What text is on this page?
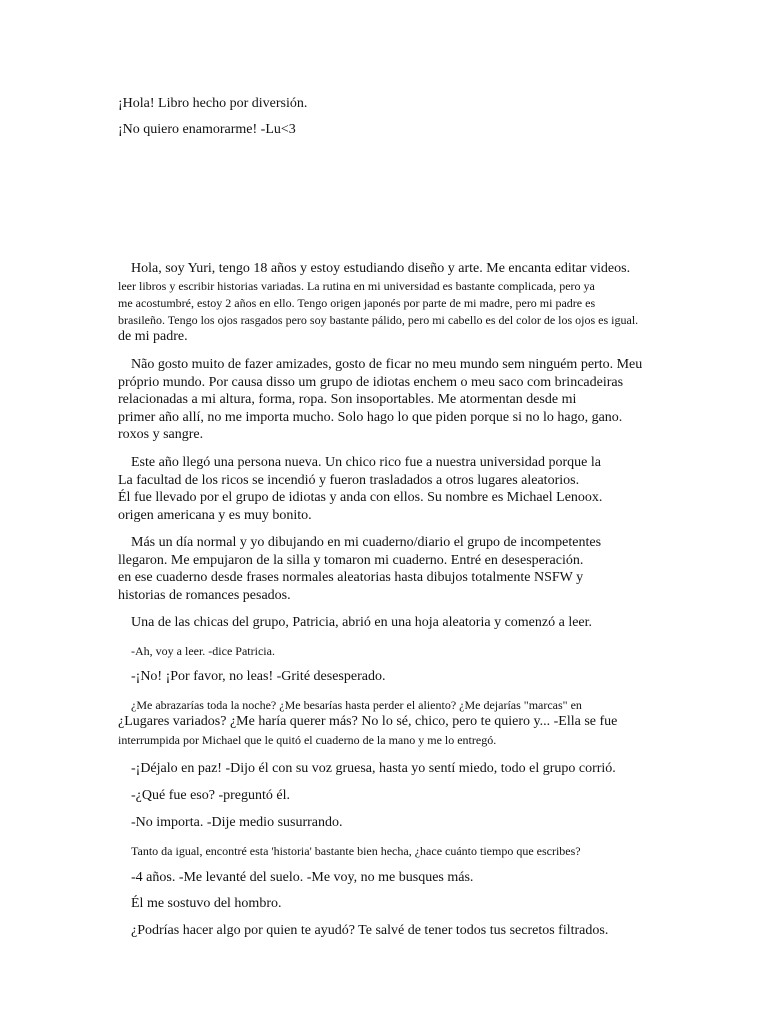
¡Hola! Libro hecho por diversión.
¡No quiero enamorarme! -Lu<3
Hola, soy Yuri, tengo 18 años y estoy estudiando diseño y arte. Me encanta editar videos.
leer libros y escribir historias variadas. La rutina en mi universidad es bastante complicada, pero ya
me acostumbré, estoy 2 años en ello. Tengo origen japonés por parte de mi madre, pero mi padre es
brasileño. Tengo los ojos rasgados pero soy bastante pálido, pero mi cabello es del color de los ojos es igual.
de mi padre.
Não gosto muito de fazer amizades, gosto de ficar no meu mundo sem ninguém perto. Meu
próprio mundo. Por causa disso um grupo de idiotas enchem o meu saco com brincadeiras
relacionadas a mi altura, forma, ropa. Son insoportables. Me atormentan desde mi
primer año allí, no me importa mucho. Solo hago lo que piden porque si no lo hago, gano.
roxos y sangre.
Este año llegó una persona nueva. Un chico rico fue a nuestra universidad porque la
La facultad de los ricos se incendió y fueron trasladados a otros lugares aleatorios.
Él fue llevado por el grupo de idiotas y anda con ellos. Su nombre es Michael Lenoox.
origen americana y es muy bonito.
Más un día normal y yo dibujando en mi cuaderno/diario el grupo de incompetentes
llegaron. Me empujaron de la silla y tomaron mi cuaderno. Entré en desesperación.
en ese cuaderno desde frases normales aleatorias hasta dibujos totalmente NSFW y
historias de romances pesados.
Una de las chicas del grupo, Patricia, abrió en una hoja aleatoria y comenzó a leer.
-Ah, voy a leer. -dice Patricia.
-¡No! ¡Por favor, no leas! -Grité desesperado.
¿Me abrazarías toda la noche? ¿Me besarías hasta perder el aliento? ¿Me dejarías "marcas" en
¿Lugares variados? ¿Me haría querer más? No lo sé, chico, pero te quiero y... -Ella se fue
interrumpida por Michael que le quitó el cuaderno de la mano y me lo entregó.
-¡Déjalo en paz! -Dijo él con su voz gruesa, hasta yo sentí miedo, todo el grupo corrió.
-¿Qué fue eso? -preguntó él.
-No importa. -Dije medio susurrando.
Tanto da igual, encontré esta 'historia' bastante bien hecha, ¿hace cuánto tiempo que escribes?
-4 años. -Me levanté del suelo. -Me voy, no me busques más.
Él me sostuvo del hombro.
¿Podrías hacer algo por quien te ayudó? Te salvé de tener todos tus secretos filtrados.
